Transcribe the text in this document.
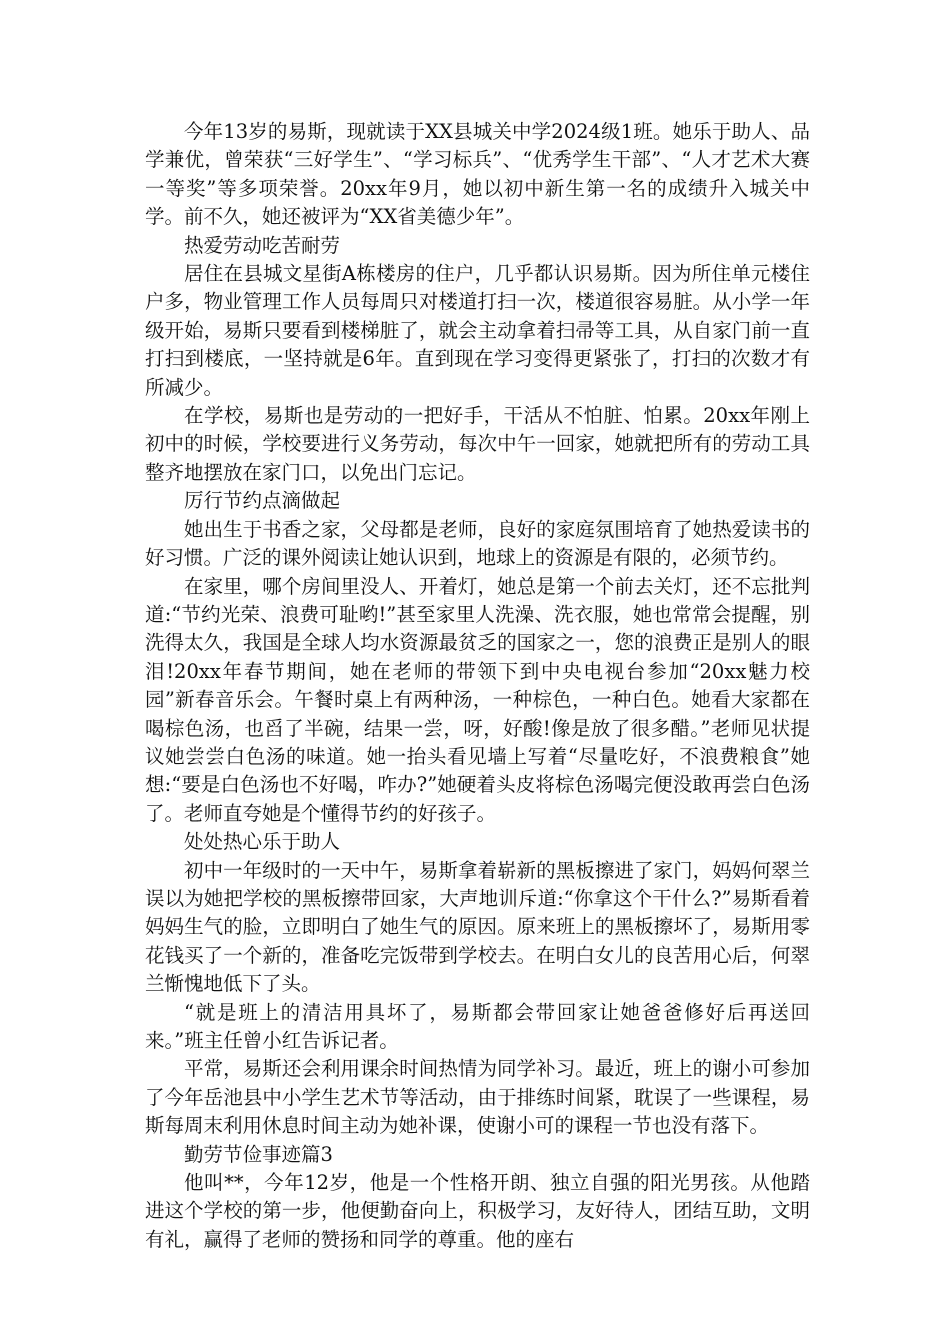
今年13岁的易斯，现就读于XX县城关中学2024级1班。她乐于助人、品学兼优，曾荣获“三好学生”、“学习标兵”、“优秀学生干部”、“人才艺术大赛一等奖”等多项荣誉。20xx年9月，她以初中新生第一名的成绩升入城关中学。前不久，她还被评为“XX省美德少年”。

热爱劳动吃苦耐劳

居住在县城文星街A栋楼房的住户，几乎都认识易斯。因为所住单元楼住户多，物业管理工作人员每周只对楼道打扫一次，楼道很容易脏。从小学一年级开始，易斯只要看到楼梯脏了，就会主动拿着扫帚等工具，从自家门前一直打扫到楼底，一坚持就是6年。直到现在学习变得更紧张了，打扫的次数才有所减少。

在学校，易斯也是劳动的一把好手，干活从不怕脏、怕累。20xx年刚上初中的时候，学校要进行义务劳动，每次中午一回家，她就把所有的劳动工具整齐地摆放在家门口，以免出门忘记。

厉行节约点滴做起

她出生于书香之家，父母都是老师，良好的家庭氛围培育了她热爱读书的好习惯。广泛的课外阅读让她认识到，地球上的资源是有限的，必须节约。

在家里，哪个房间里没人、开着灯，她总是第一个前去关灯，还不忘批判道:“节约光荣、浪费可耻哟!”甚至家里人洗澡、洗衣服，她也常常会提醒，别洗得太久，我国是全球人均水资源最贫乏的国家之一，您的浪费正是别人的眼泪!20xx年春节期间，她在老师的带领下到中央电视台参加“20xx魅力校园”新春音乐会。午餐时桌上有两种汤，一种棕色，一种白色。她看大家都在喝棕色汤，也舀了半碗，结果一尝，呀，好酸!像是放了很多醋。”老师见状提议她尝尝白色汤的味道。她一抬头看见墙上写着“尽量吃好，不浪费粮食”她想:“要是白色汤也不好喝，咋办?”她硬着头皮将棕色汤喝完便没敢再尝白色汤了。老师直夸她是个懂得节约的好孩子。

处处热心乐于助人

初中一年级时的一天中午，易斯拿着崭新的黑板擦进了家门，妈妈何翠兰误以为她把学校的黑板擦带回家，大声地训斥道:“你拿这个干什么?”易斯看着妈妈生气的脸，立即明白了她生气的原因。原来班上的黑板擦坏了，易斯用零花钱买了一个新的，准备吃完饭带到学校去。在明白女儿的良苦用心后，何翠兰惭愧地低下了头。

“就是班上的清洁用具坏了，易斯都会带回家让她爸爸修好后再送回来。”班主任曾小红告诉记者。

平常，易斯还会利用课余时间热情为同学补习。最近，班上的谢小可参加了今年岳池县中小学生艺术节等活动，由于排练时间紧，耽误了一些课程，易斯每周末利用休息时间主动为她补课，使谢小可的课程一节也没有落下。

勤劳节俭事迹篇3

他叫**，今年12岁，他是一个性格开朗、独立自强的阳光男孩。从他踏进这个学校的第一步，他便勤奋向上，积极学习，友好待人，团结互助，文明有礼，赢得了老师的赞扬和同学的尊重。他的座右
